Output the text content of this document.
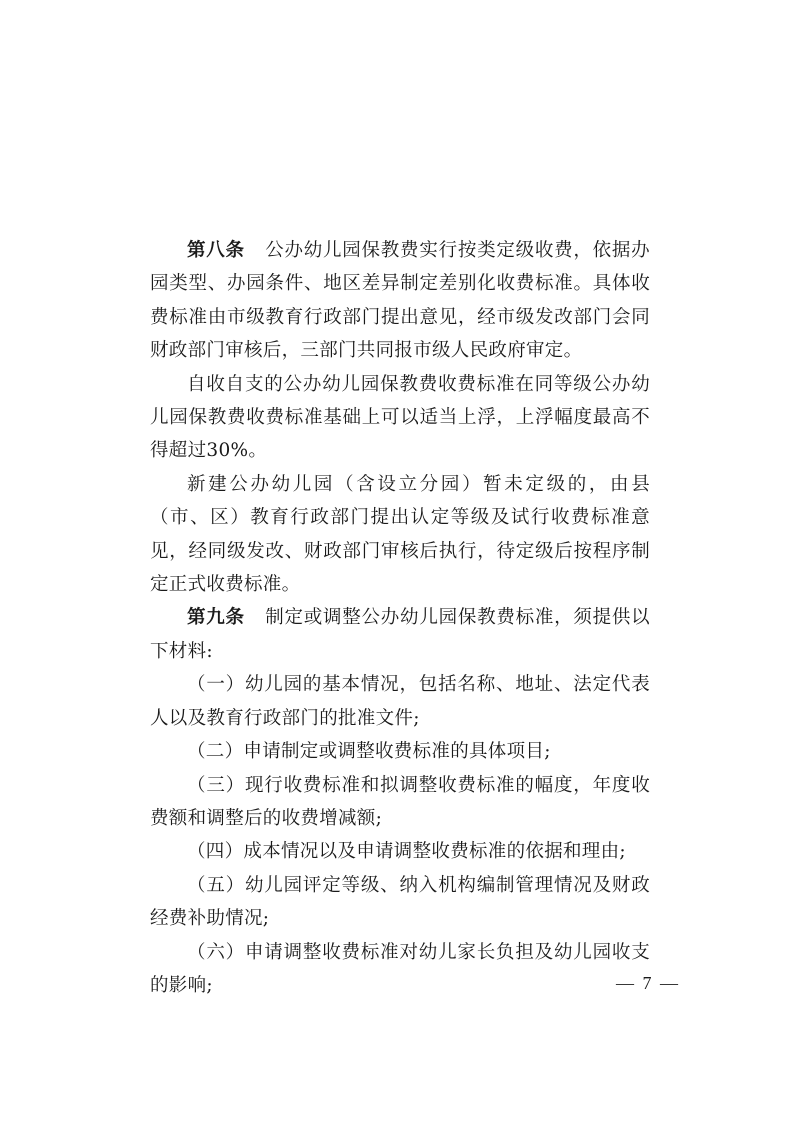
第八条 公办幼儿园保教费实行按类定级收费，依据办园类型、办园条件、地区差异制定差别化收费标准。具体收费标准由市级教育行政部门提出意见，经市级发改部门会同财政部门审核后，三部门共同报市级人民政府审定。

自收自支的公办幼儿园保教费收费标准在同等级公办幼儿园保教费收费标准基础上可以适当上浮，上浮幅度最高不得超过30%。

新建公办幼儿园（含设立分园）暂未定级的，由县（市、区）教育行政部门提出认定等级及试行收费标准意见，经同级发改、财政部门审核后执行，待定级后按程序制定正式收费标准。

第九条 制定或调整公办幼儿园保教费标准，须提供以下材料:

（一）幼儿园的基本情况，包括名称、地址、法定代表人以及教育行政部门的批准文件;

（二）申请制定或调整收费标准的具体项目;

（三）现行收费标准和拟调整收费标准的幅度，年度收费额和调整后的收费增减额;

（四）成本情况以及申请调整收费标准的依据和理由;

（五）幼儿园评定等级、纳入机构编制管理情况及财政经费补助情况;

（六）申请调整收费标准对幼儿家长负担及幼儿园收支的影响;	— 7 —
